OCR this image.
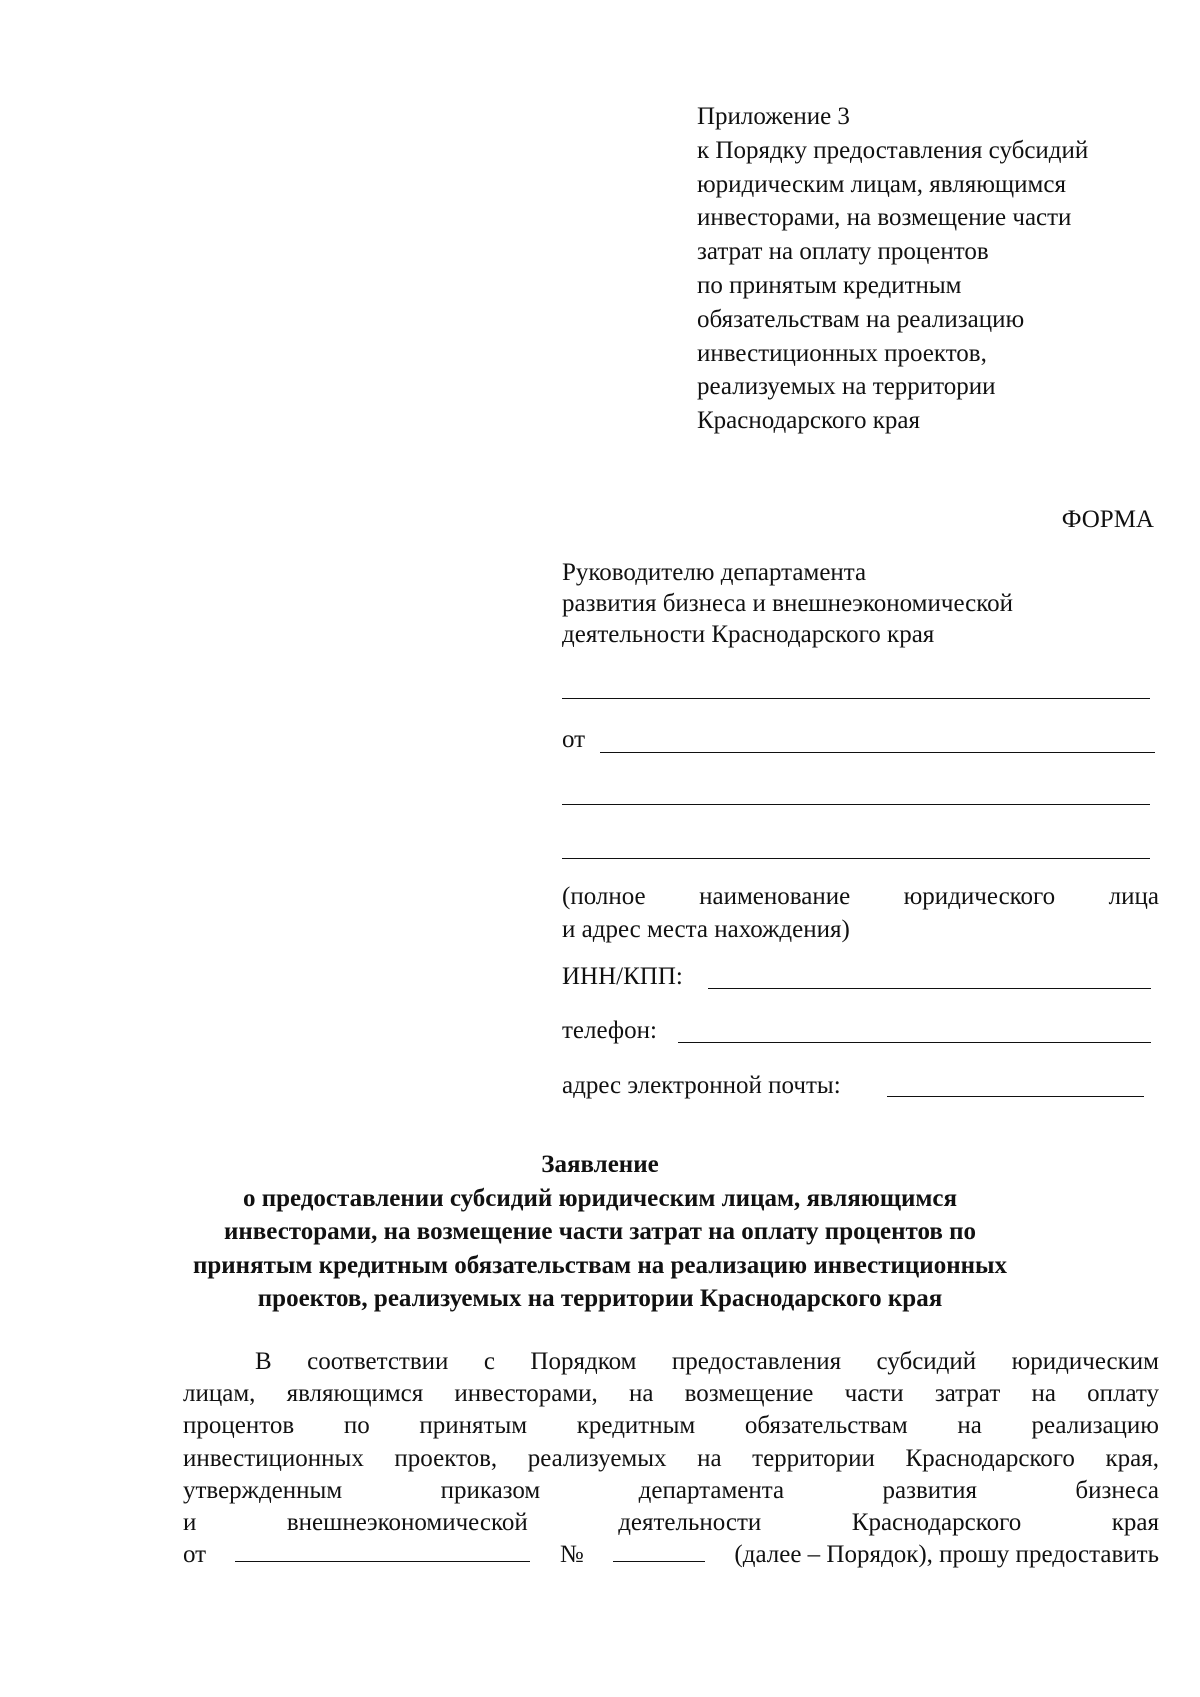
Приложение 3
к Порядку предоставления субсидий
юридическим лицам, являющимся
инвесторами, на возмещение части
затрат на оплату процентов
по принятым кредитным
обязательствам на реализацию
инвестиционных проектов,
реализуемых на территории
Краснодарского края
ФОРМА
Руководителю департамента
развития бизнеса и внешнеэкономической
деятельности Краснодарского края
от
(полное наименование юридического лица
и адрес места нахождения)
ИНН/КПП:
телефон:
адрес электронной почты:
Заявление
о предоставлении субсидий юридическим лицам, являющимся
инвесторами, на возмещение части затрат на оплату процентов по
принятым кредитным обязательствам на реализацию инвестиционных
проектов, реализуемых на территории Краснодарского края
В соответствии с Порядком предоставления субсидий юридическим
лицам, являющимся инвесторами, на возмещение части затрат на оплату
процентов по принятым кредитным обязательствам на реализацию
инвестиционных проектов, реализуемых на территории Краснодарского края,
утвержденным	приказом	департамента	развития	бизнеса
и	внешнеэкономической	деятельности	Краснодарского	края
от	№	(далее – Порядок), прошу предоставить
